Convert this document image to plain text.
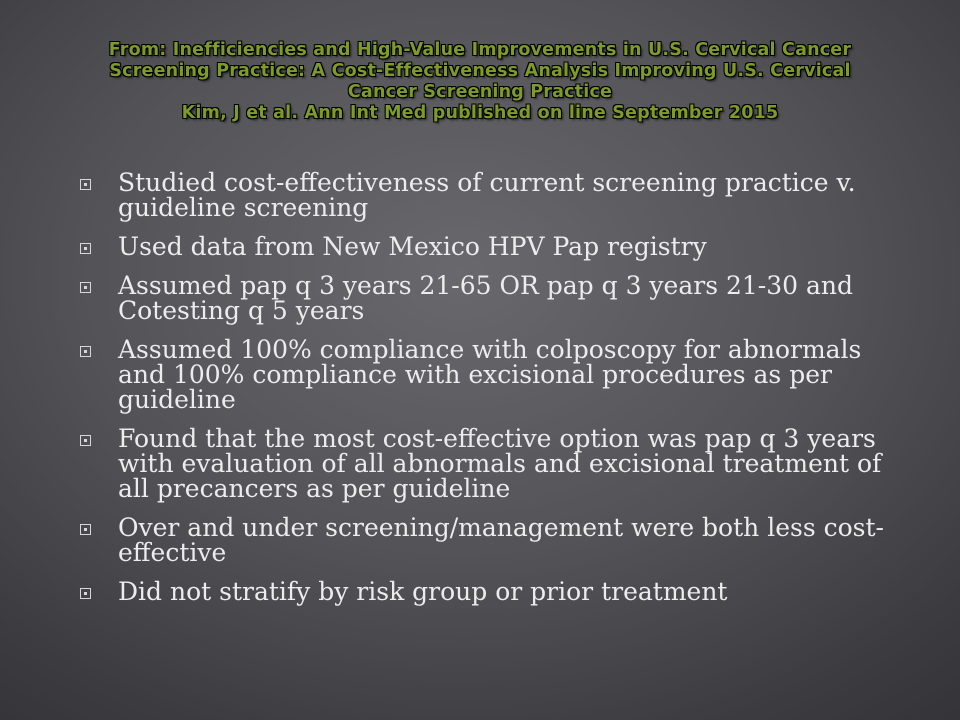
From: Inefficiencies and High-Value Improvements in U.S. Cervical Cancer
Screening Practice: A Cost-Effectiveness Analysis Improving U.S. Cervical
Cancer Screening Practice
Kim, J et al. Ann Int Med published on line September 2015
Studied cost-effectiveness of current screening practice v. guideline screening
Used data from New Mexico HPV Pap registry
Assumed pap q 3 years 21-65 OR pap q 3 years 21-30 and Cotesting q 5 years
Assumed 100% compliance with colposcopy for abnormals and 100% compliance with excisional procedures as per guideline
Found that the most cost-effective option was pap q 3 years with evaluation of all abnormals and excisional treatment of all precancers as per guideline
Over and under screening/management were both less cost-effective
Did not stratify by risk group or prior treatment
